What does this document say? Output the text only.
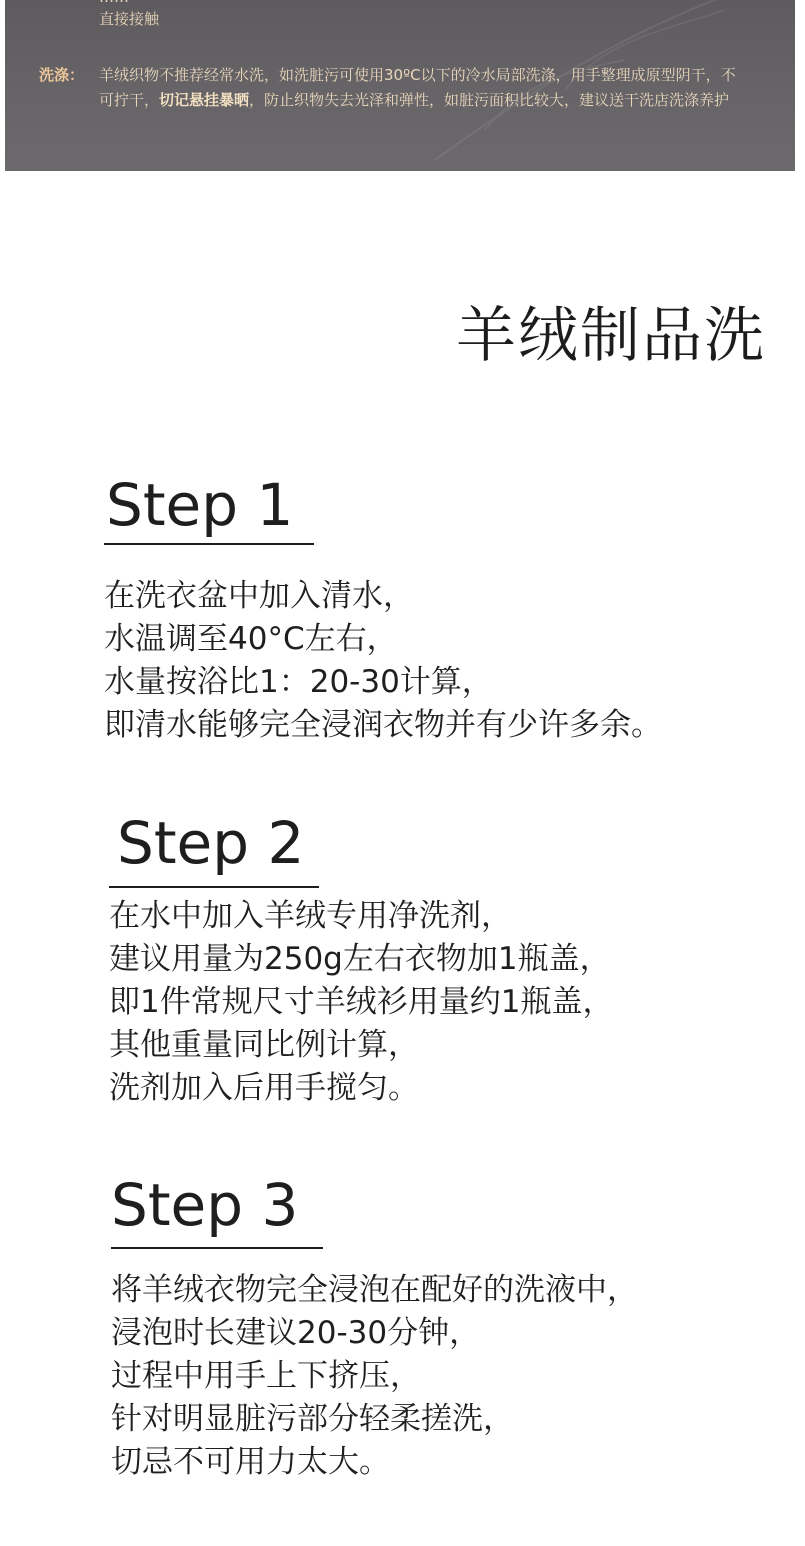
直接接触
洗涤： 羊绒织物不推荐经常水洗，如洗脏污可使用30ºC以下的冷水局部洗涤，用手整理成原型阴干，不可拧干，切记悬挂暴晒，防止织物失去光泽和弹性，如脏污面积比较大，建议送干洗店洗涤养护
羊绒制品洗
Step 1
在洗衣盆中加入清水，
水温调至40°C左右，
水量按浴比1：20-30计算，
即清水能够完全浸润衣物并有少许多余。
Step 2
在水中加入羊绒专用净洗剂，
建议用量为250g左右衣物加1瓶盖，
即1件常规尺寸羊绒衫用量约1瓶盖，
其他重量同比例计算，
洗剂加入后用手搅匀。
Step 3
将羊绒衣物完全浸泡在配好的洗液中，
浸泡时长建议20-30分钟，
过程中用手上下挤压，
针对明显脏污部分轻柔搓洗，
切忌不可用力太大。
